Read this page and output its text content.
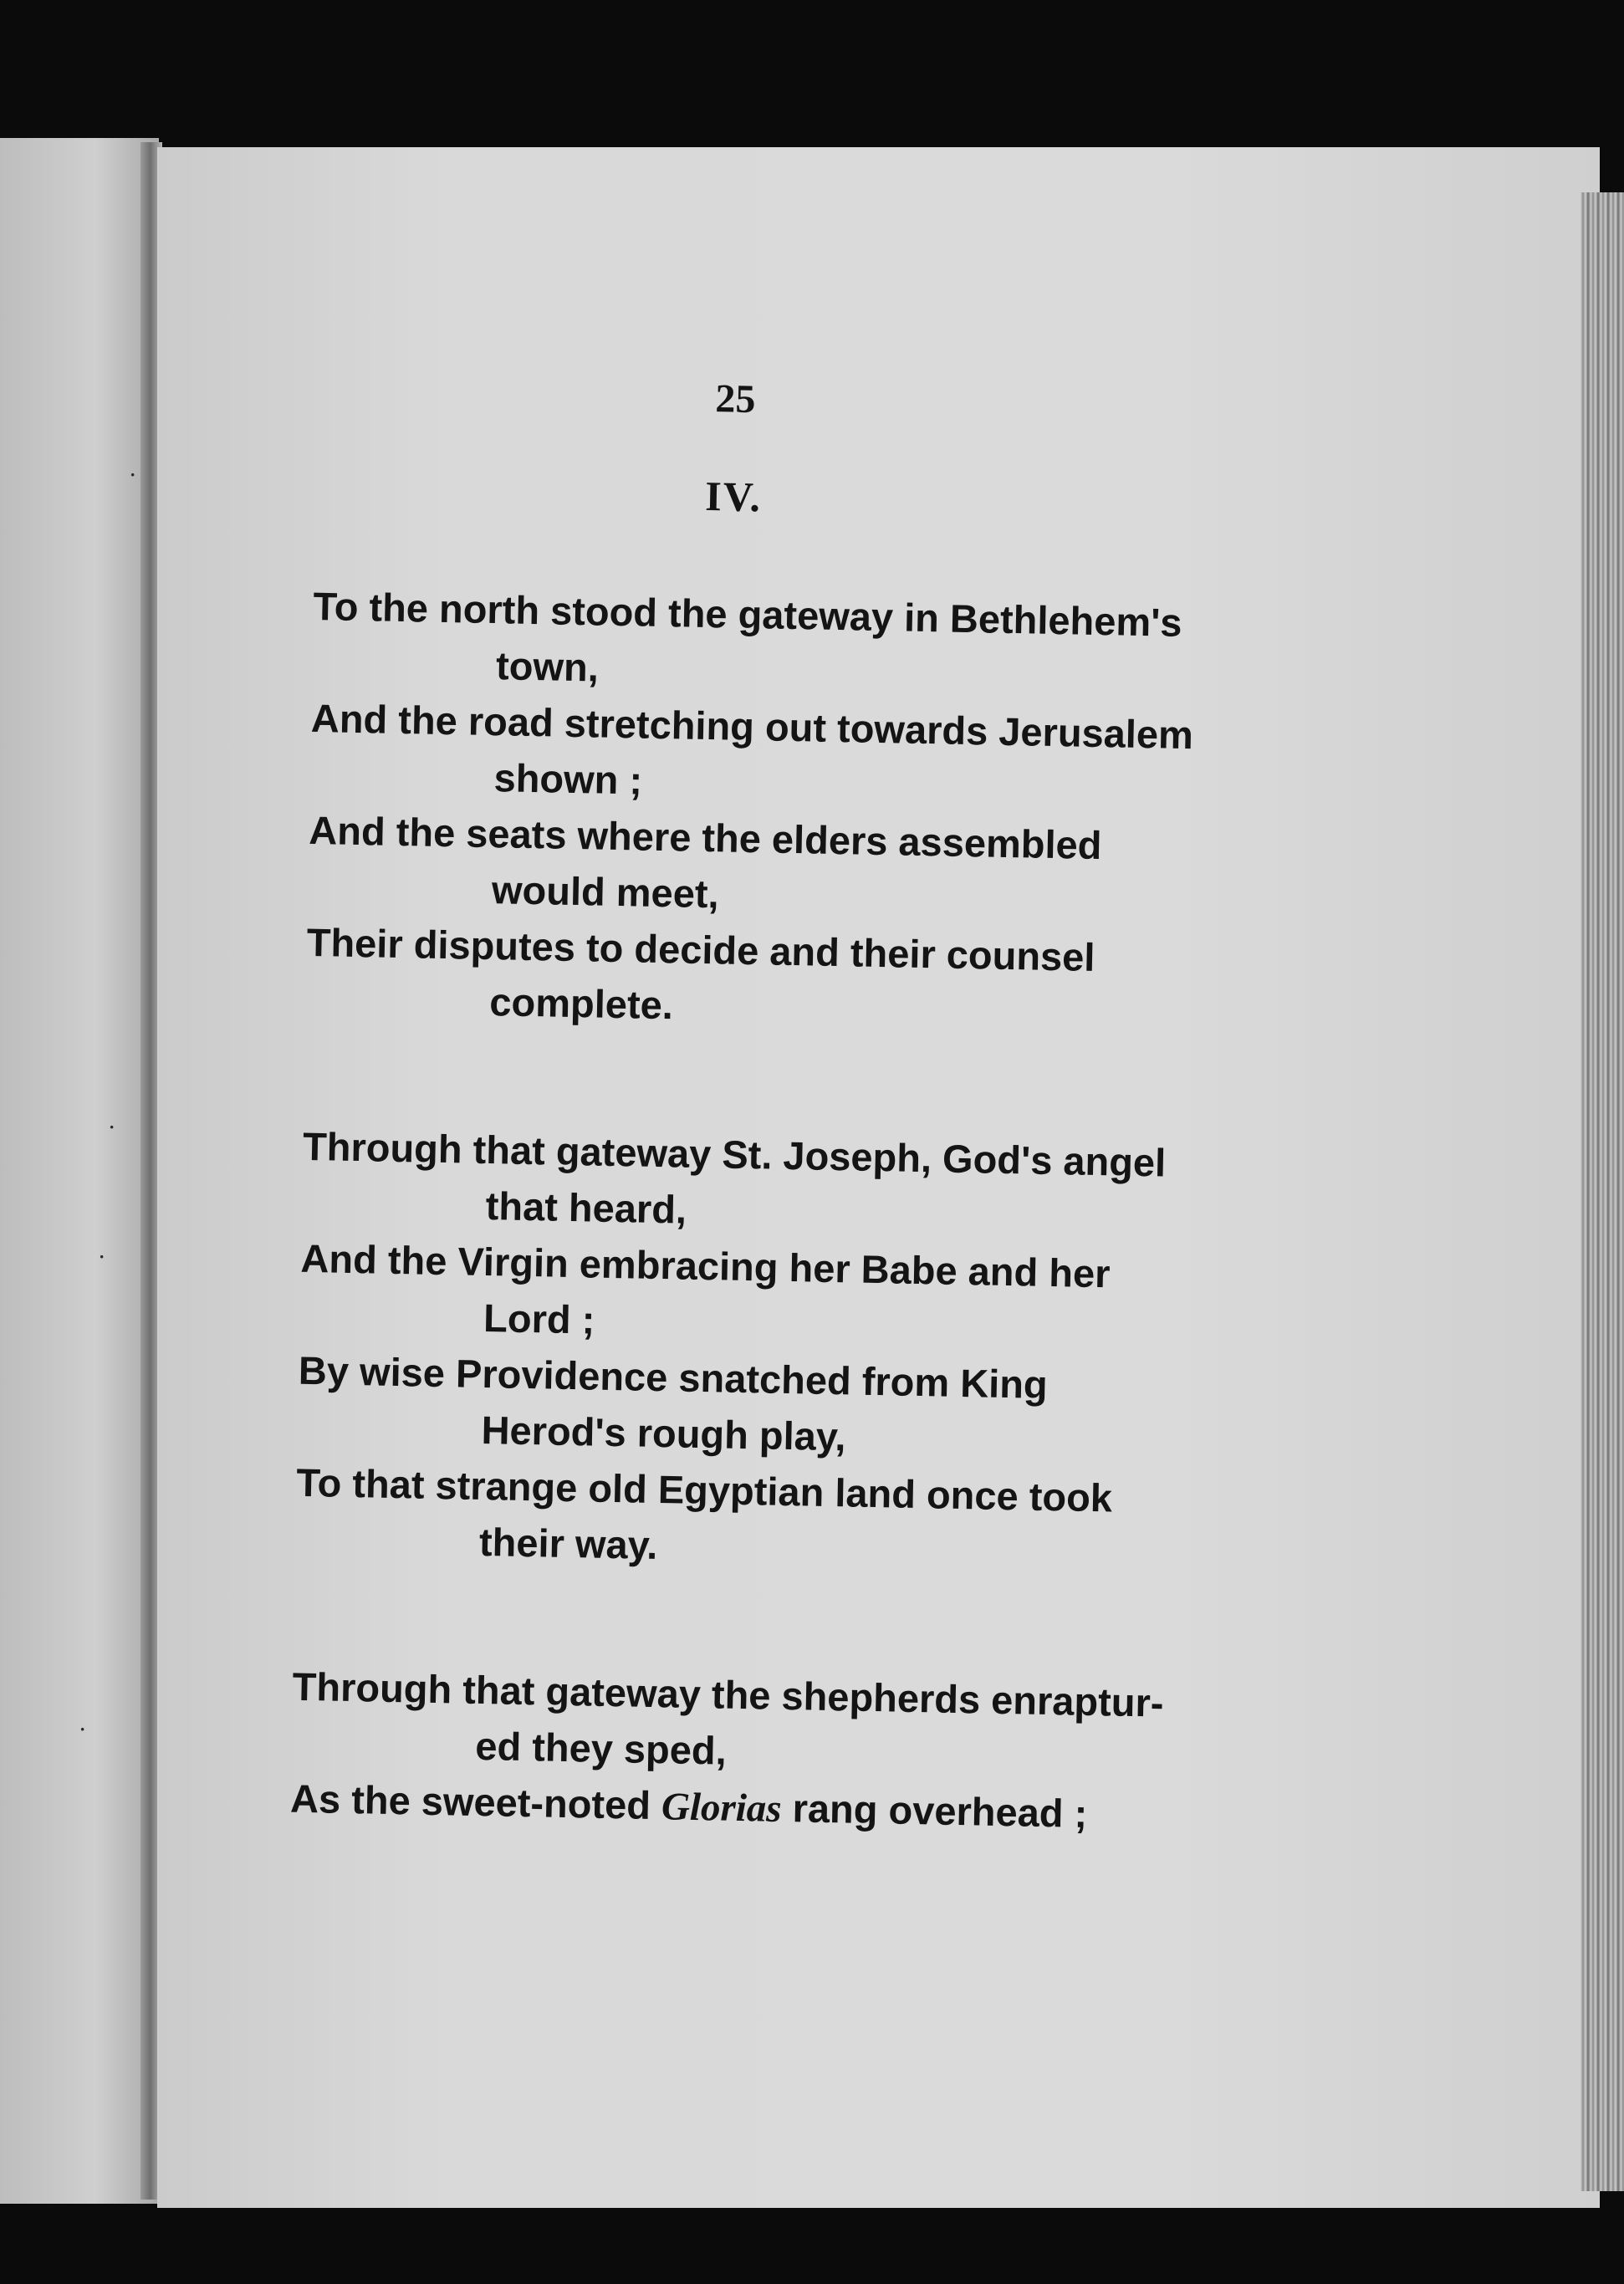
·
·
·
·
25
IV.
To the north stood the gateway in Bethlehem's
town,
And the road stretching out towards Jerusalem
shown ;
And the seats where the elders assembled
would meet,
Their disputes to decide and their counsel
complete.
Through that gateway St. Joseph, God's angel
that heard,
And the Virgin embracing her Babe and her
Lord ;
By wise Providence snatched from King
Herod's rough play,
To that strange old Egyptian land once took
their way.
Through that gateway the shepherds enraptur-
ed they sped,
As the sweet-noted Glorias rang overhead ;
